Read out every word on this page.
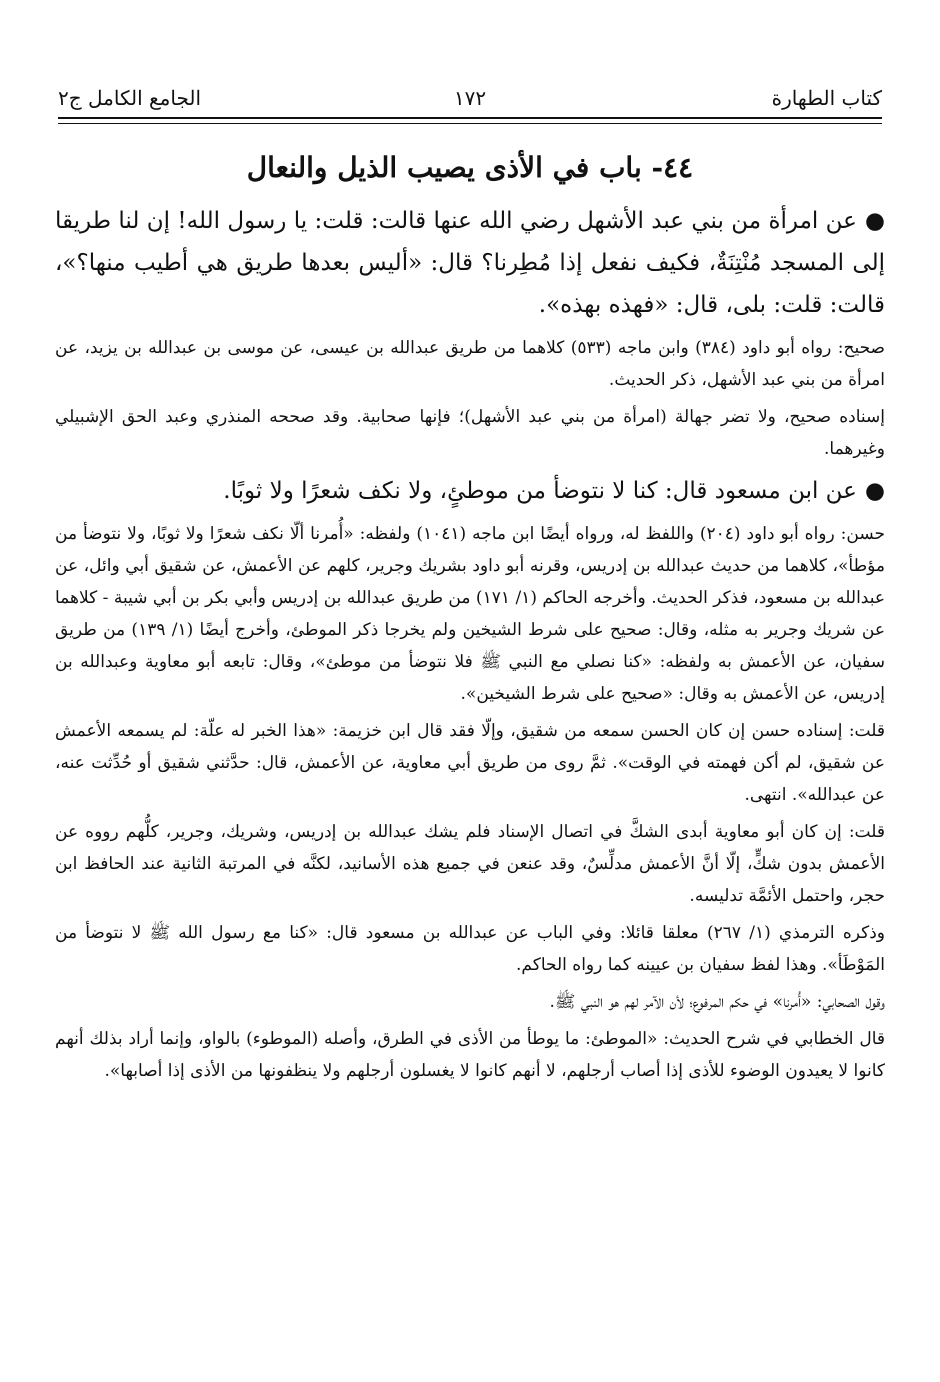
كتاب الطهارة
١٧٢
الجامع الكامل ج٢
٤٤- باب في الأذى يصيب الذيل والنعال

●عن امرأة من بني عبد الأشهل رضي الله عنها قالت: قلت: يا رسول الله! إن لنا طريقا إلى المسجد مُنْتِنَةٌ، فكيف نفعل إذا مُطِرنا؟ قال: «أليس بعدها طريق هي أطيب منها؟»، قالت: قلت: بلى، قال: «فهذه بهذه».

صحيح: رواه أبو داود (٣٨٤) وابن ماجه (٥٣٣) كلاهما من طريق عبدالله بن عيسى، عن موسى بن عبدالله بن يزيد، عن امرأة من بني عبد الأشهل، ذكر الحديث.

إسناده صحيح، ولا تضر جهالة (امرأة من بني عبد الأشهل)؛ فإنها صحابية. وقد صححه المنذري وعبد الحق الإشبيلي وغيرهما.

●عن ابن مسعود قال: كنا لا نتوضأ من موطئٍ، ولا نكف شعرًا ولا ثوبًا.

حسن: رواه أبو داود (٢٠٤) واللفظ له، ورواه أيضًا ابن ماجه (١٠٤١) ولفظه: «أُمرنا ألّا نكف شعرًا ولا ثوبًا، ولا نتوضأ من مؤطأ»، كلاهما من حديث عبدالله بن إدريس، وقرنه أبو داود بشريك وجرير، كلهم عن الأعمش، عن شقيق أبي وائل، عن عبدالله بن مسعود، فذكر الحديث. وأخرجه الحاكم (١/ ١٧١) من طريق عبدالله بن إدريس وأبي بكر بن أبي شيبة - كلاهما عن شريك وجرير به مثله، وقال: صحيح على شرط الشيخين ولم يخرجا ذكر الموطئ، وأخرج أيضًا (١/ ١٣٩) من طريق سفيان، عن الأعمش به ولفظه: «كنا نصلي مع النبي ﷺ فلا نتوضأ من موطئ»، وقال: تابعه أبو معاوية وعبدالله بن إدريس، عن الأعمش به وقال: «صحيح على شرط الشيخين».

قلت: إسناده حسن إن كان الحسن سمعه من شقيق، وإلّا فقد قال ابن خزيمة: «هذا الخبر له علّة: لم يسمعه الأعمش عن شقيق، لم أكن فهمته في الوقت». ثمَّ روى من طريق أبي معاوية، عن الأعمش، قال: حدَّثني شقيق أو حُدِّثت عنه، عن عبدالله». انتهى.

قلت: إن كان أبو معاوية أبدى الشكَّ في اتصال الإسناد فلم يشك عبدالله بن إدريس، وشريك، وجرير، كلُّهم رووه عن الأعمش بدون شكٍّ، إلّا أنَّ الأعمش مدلِّسٌ، وقد عنعن في جميع هذه الأسانيد، لكنَّه في المرتبة الثانية عند الحافظ ابن حجر، واحتمل الأئمَّة تدليسه.

وذكره الترمذي (١/ ٢٦٧) معلقا قائلا: وفي الباب عن عبدالله بن مسعود قال: «كنا مع رسول الله ﷺ لا نتوضأ من المَوْطَأ». وهذا لفظ سفيان بن عيينه كما رواه الحاكم.

وقول الصحابي: «أُمرنا» في حكم المرفوع؛ لأن الآمر لهم هو النبي ﷺ.

قال الخطابي في شرح الحديث: «الموطئ: ما يوطأ من الأذى في الطرق، وأصله (الموطوء) بالواو، وإنما أراد بذلك أنهم كانوا لا يعيدون الوضوء للأذى إذا أصاب أرجلهم، لا أنهم كانوا لا يغسلون أرجلهم ولا ينظفونها من الأذى إذا أصابها».
